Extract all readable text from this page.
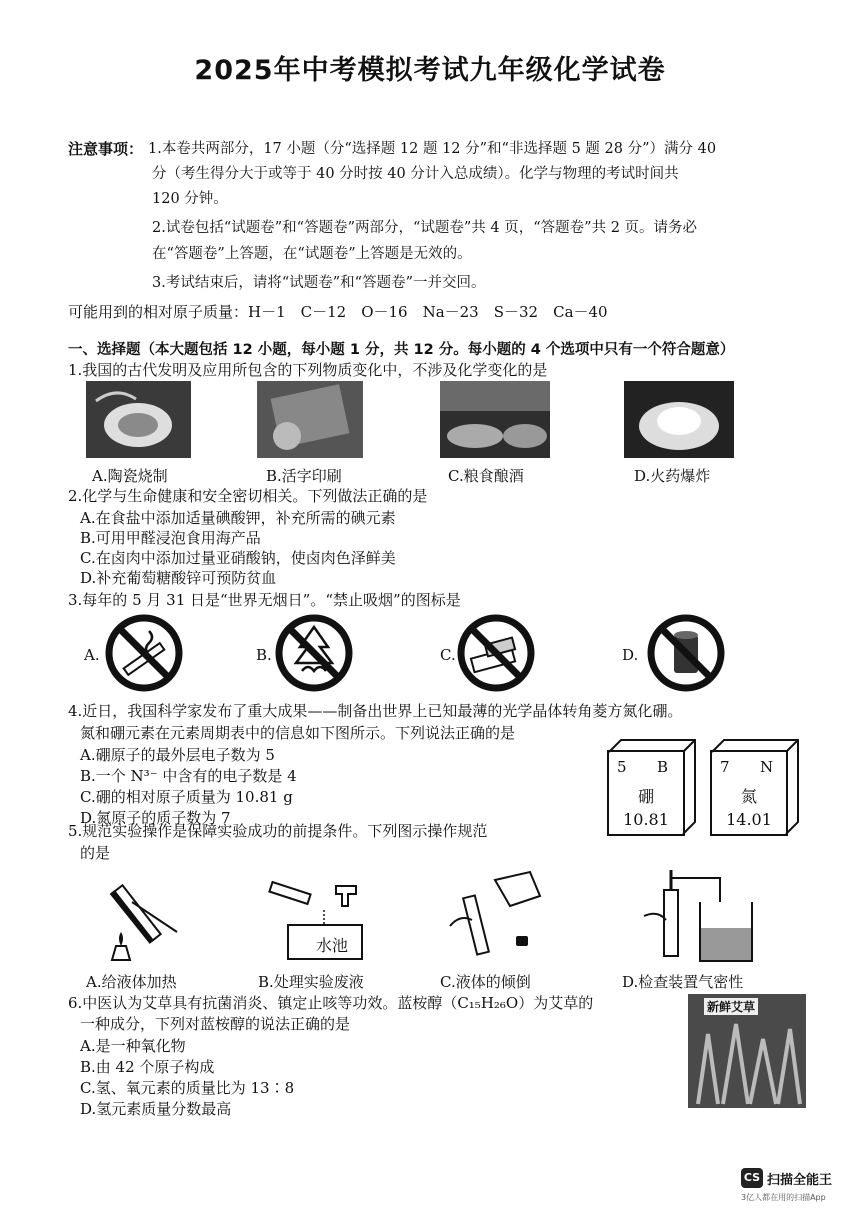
2025年中考模拟考试九年级化学试卷
注意事项： 1.本卷共两部分，17 小题（分“选择题 12 题 12 分”和“非选择题 5 题 28 分”）满分 40
分（考生得分大于或等于 40 分时按 40 分计入总成绩）。化学与物理的考试时间共
120 分钟。
2.试卷包括“试题卷”和“答题卷”两部分，“试题卷”共 4 页，“答题卷”共 2 页。请务必
在“答题卷”上答题，在“试题卷”上答题是无效的。
3.考试结束后，请将“试题卷”和“答题卷”一并交回。
可能用到的相对原子质量：H－1　C－12　O－16　Na－23　S－32　Ca－40
一、选择题（本大题包括 12 小题，每小题 1 分，共 12 分。每小题的 4 个选项中只有一个符合题意）
1.我国的古代发明及应用所包含的下列物质变化中，不涉及化学变化的是
A.陶瓷烧制	B.活字印刷	C.粮食酿酒	D.火药爆炸
2.化学与生命健康和安全密切相关。下列做法正确的是
A.在食盐中添加适量碘酸钾，补充所需的碘元素
B.可用甲醛浸泡食用海产品
C.在卤肉中添加过量亚硝酸钠，使卤肉色泽鲜美
D.补充葡萄糖酸锌可预防贫血
3.每年的 5 月 31 日是“世界无烟日”。“禁止吸烟”的图标是
A.	B.	C.	D.
4.近日，我国科学家发布了重大成果——制备出世界上已知最薄的光学晶体转角菱方氮化硼。
氮和硼元素在元素周期表中的信息如下图所示。下列说法正确的是
A.硼原子的最外层电子数为 5
B.一个 N³⁻ 中含有的电子数是 4
C.硼的相对原子质量为 10.81 g
D.氮原子的质子数为 7
5	B
硼
10.81
7	N
氮
14.01
5.规范实验操作是保障实验成功的前提条件。下列图示操作规范
的是
水池
A.给液体加热	B.处理实验废液	C.液体的倾倒	D.检查装置气密性
6.中医认为艾草具有抗菌消炎、镇定止咳等功效。蓝桉醇（C₁₅H₂₆O）为艾草的
一种成分，下列对蓝桉醇的说法正确的是
A.是一种氧化物
B.由 42 个原子构成
C.氢、氧元素的质量比为 13∶8
D.氢元素质量分数最高
新鲜艾草
CS 扫描全能王
3亿人都在用的扫描App
